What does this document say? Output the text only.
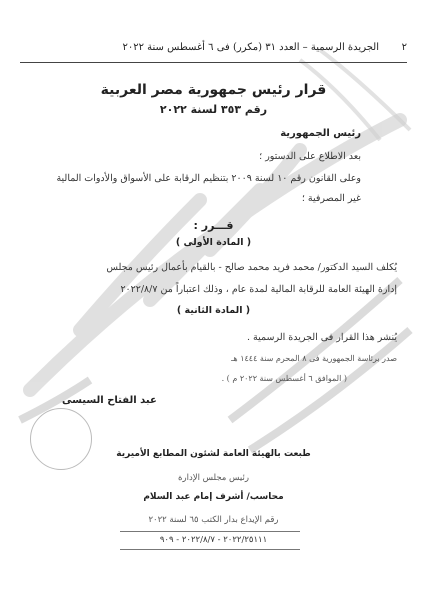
٢
الجريدة الرسمية – العدد ٣١ (مكرر) فى ٦ أغسطس سنة ٢٠٢٢
قرار رئيس جمهورية مصر العربية
رقم ٣٥٣ لسنة ٢٠٢٢
رئيس الجمهورية
بعد الاطلاع على الدستور ؛
وعلى القانون رقم ١٠ لسنة ٢٠٠٩ بتنظيم الرقابة على الأسواق والأدوات المالية
غير المصرفية ؛
قـــرر :
( المادة الأولى )
يُكلف السيد الدكتور/ محمد فريد محمد صالح - بالقيام بأعمال رئيس مجلس
إدارة الهيئة العامة للرقابة المالية لمدة عام ، وذلك اعتباراً من ٢٠٢٢/٨/٧
( المادة الثانية )
يُنشر هذا القرار فى الجريدة الرسمية .
صدر برئاسة الجمهورية فى ٨ المحرم سنة ١٤٤٤ هـ
( الموافق ٦ أغسطس سنة ٢٠٢٢ م ) .
عبد الفتاح السيسى
طبعت بالهيئة العامة لشئون المطابع الأميرية
رئيس مجلس الإدارة
محاسب/ أشرف إمام عبد السلام
رقم الإيداع بدار الكتب ٦٥ لسنة ٢٠٢٢
٢٠٢٢/٢٥١١١ - ٢٠٢٢/٨/٧ - ٩٠٩
